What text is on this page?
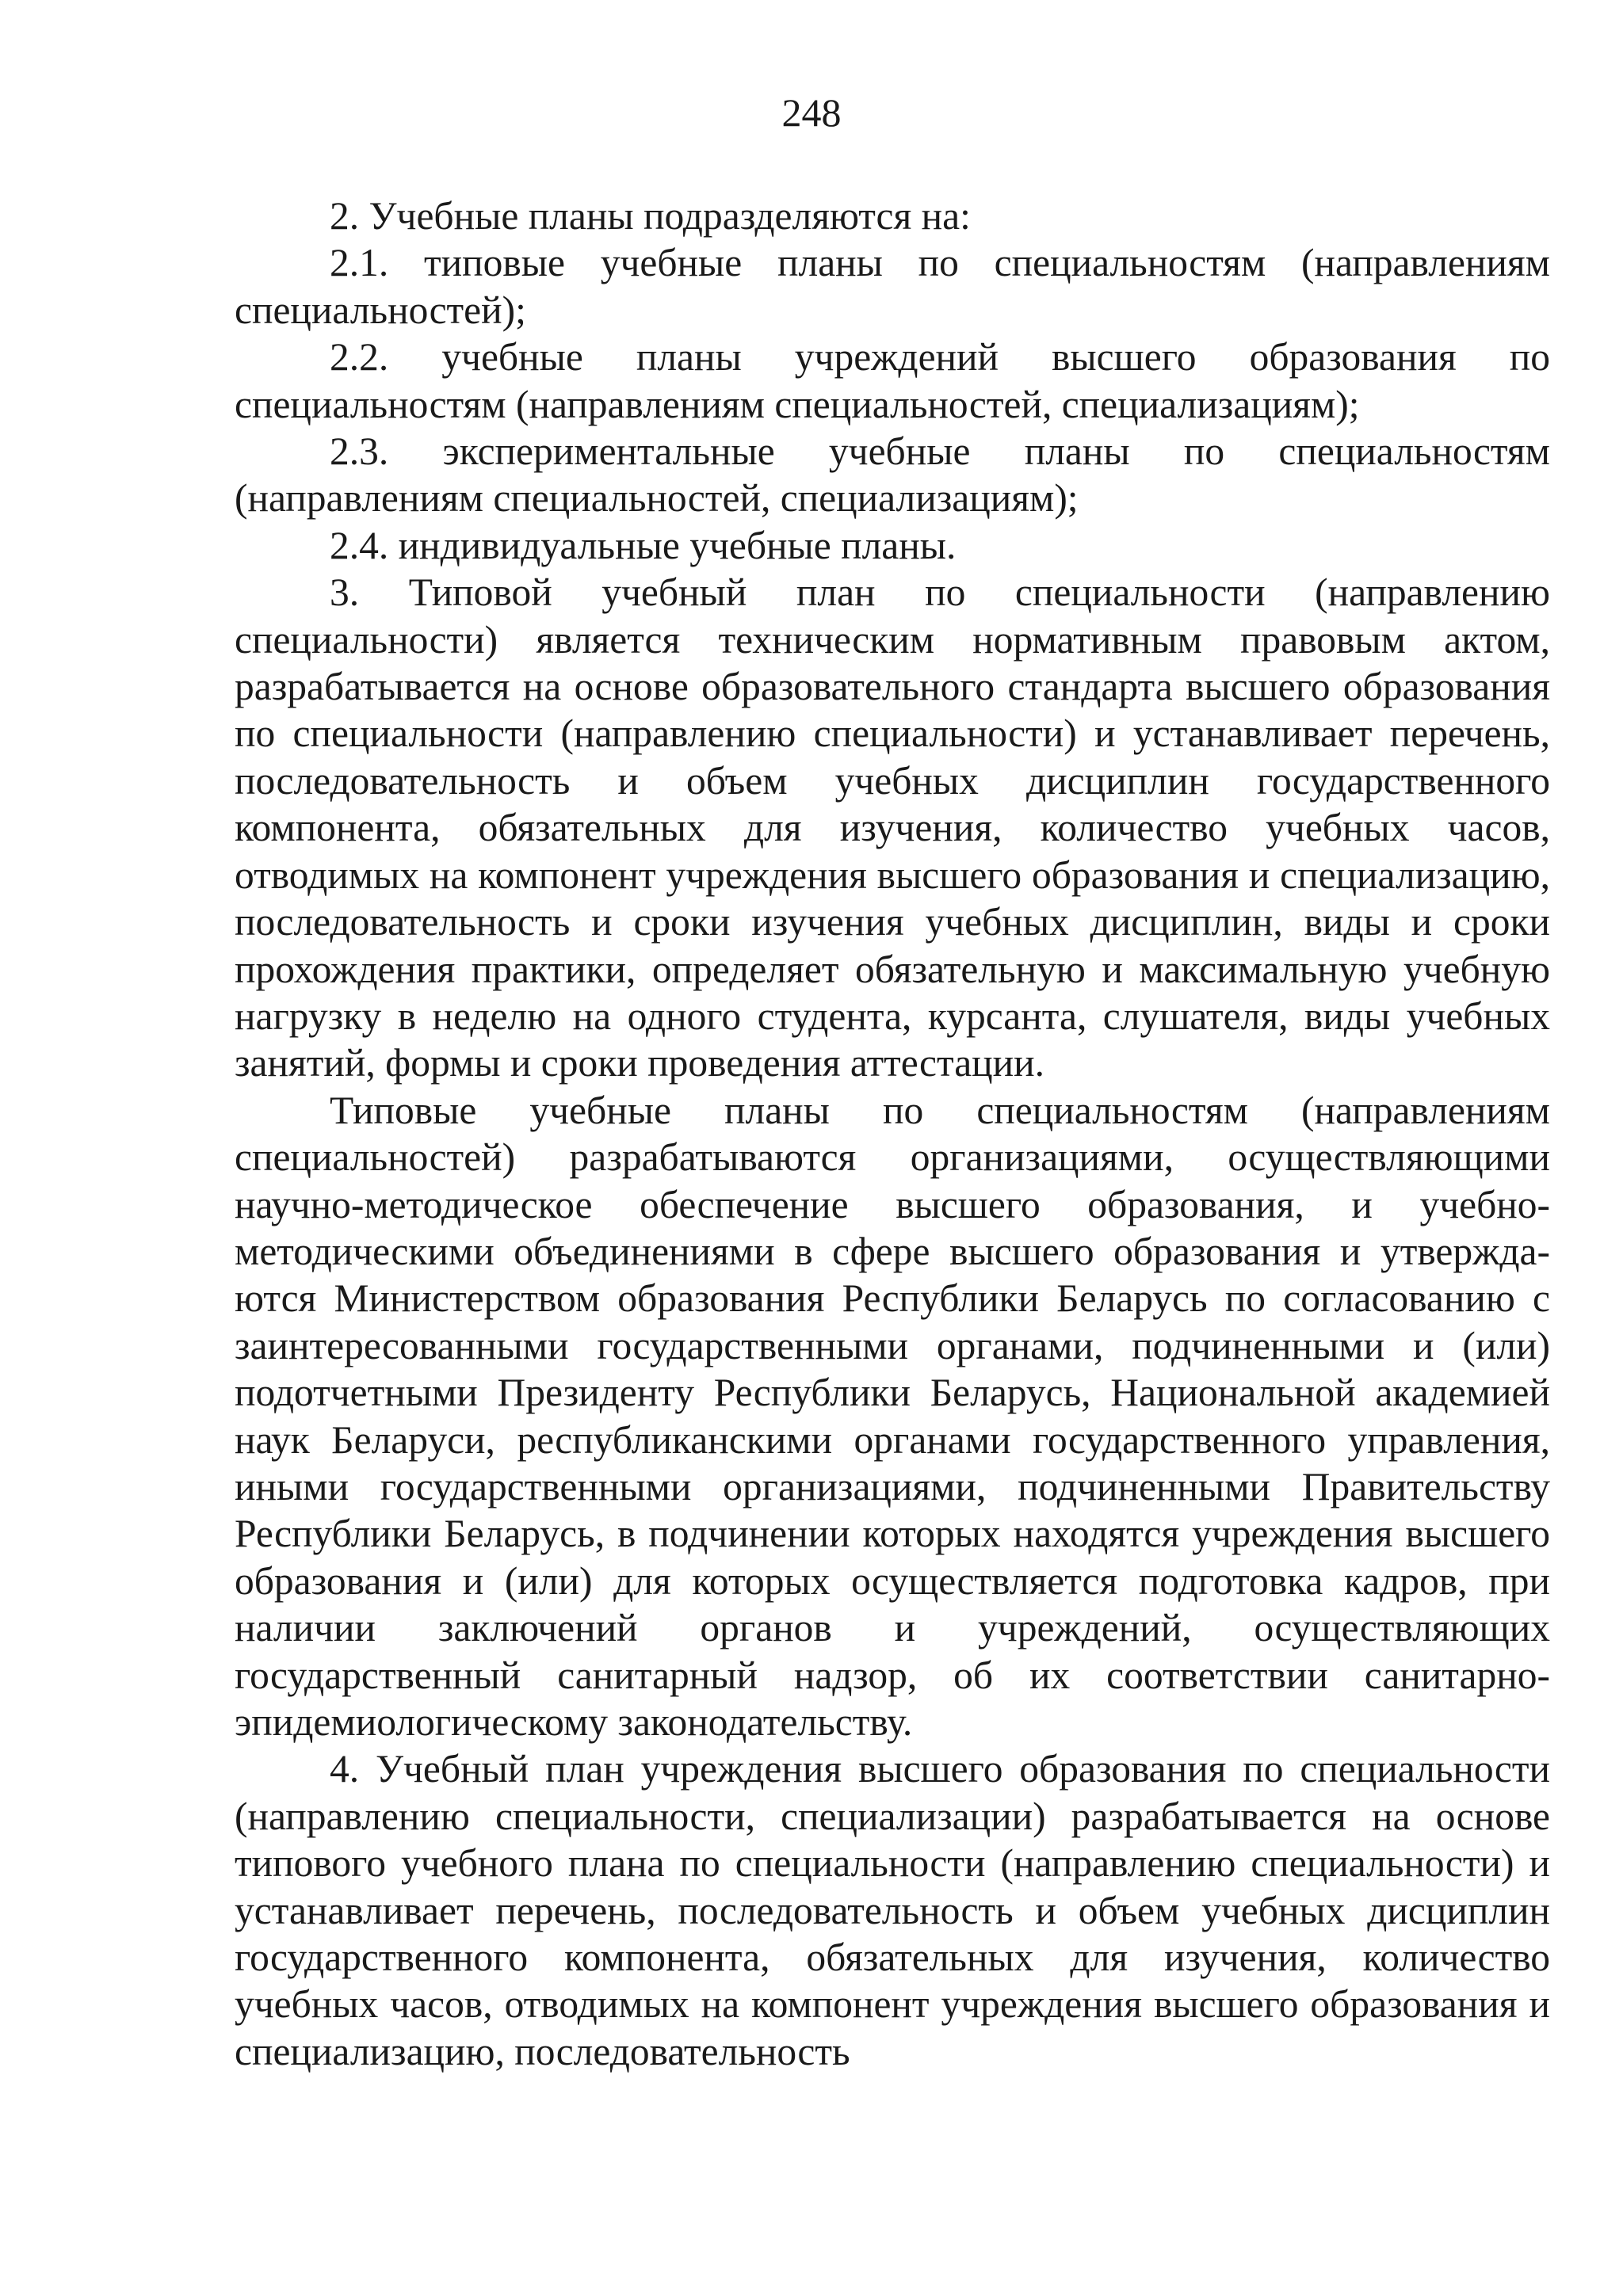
248

2. Учебные планы подразделяются на:

2.1. типовые учебные планы по специальностям (направлениям специальностей);

2.2. учебные планы учреждений высшего образования по специальностям (направлениям специальностей, специализациям);

2.3. экспериментальные учебные планы по специальностям (направлениям специальностей, специализациям);

2.4. индивидуальные учебные планы.

3. Типовой учебный план по специальности (направлению специальности) является техническим нормативным правовым актом, разрабатывается на основе образовательного стандарта высшего образования по специальности (направлению специальности) и устанавливает перечень, последовательность и объем учебных дисциплин государственного компонента, обязательных для изучения, количество учебных часов, отводимых на компонент учреждения высшего образования и специализацию, последовательность и сроки изучения учебных дисциплин, виды и сроки прохождения практики, определяет обязательную и максимальную учебную нагрузку в неделю на одного студента, курсанта, слушателя, виды учебных занятий, формы и сроки проведения аттестации.

Типовые учебные планы по специальностям (направлениям специальностей) разрабатываются организациями, осуществляющими научно-методическое обеспечение высшего образования, и учебно-методическими объединениями в сфере высшего образования и утверждаются Министерством образования Республики Беларусь по согласованию с заинтересованными государственными органами, подчиненными и (или) подотчетными Президенту Республики Беларусь, Национальной академией наук Беларуси, республиканскими органами государственного управления, иными государственными организациями, подчиненными Правительству Республики Беларусь, в подчинении которых находятся учреждения высшего образования и (или) для которых осуществляется подготовка кадров, при наличии заключений органов и учреждений, осуществляющих государственный санитарный надзор, об их соответствии санитарно-эпидемиологическому законодательству.

4. Учебный план учреждения высшего образования по специальности (направлению специальности, специализации) разрабатывается на основе типового учебного плана по специальности (направлению специальности) и устанавливает перечень, последовательность и объем учебных дисциплин государственного компонента, обязательных для изучения, количество учебных часов, отводимых на компонент учреждения высшего образования и специализацию, последовательность
